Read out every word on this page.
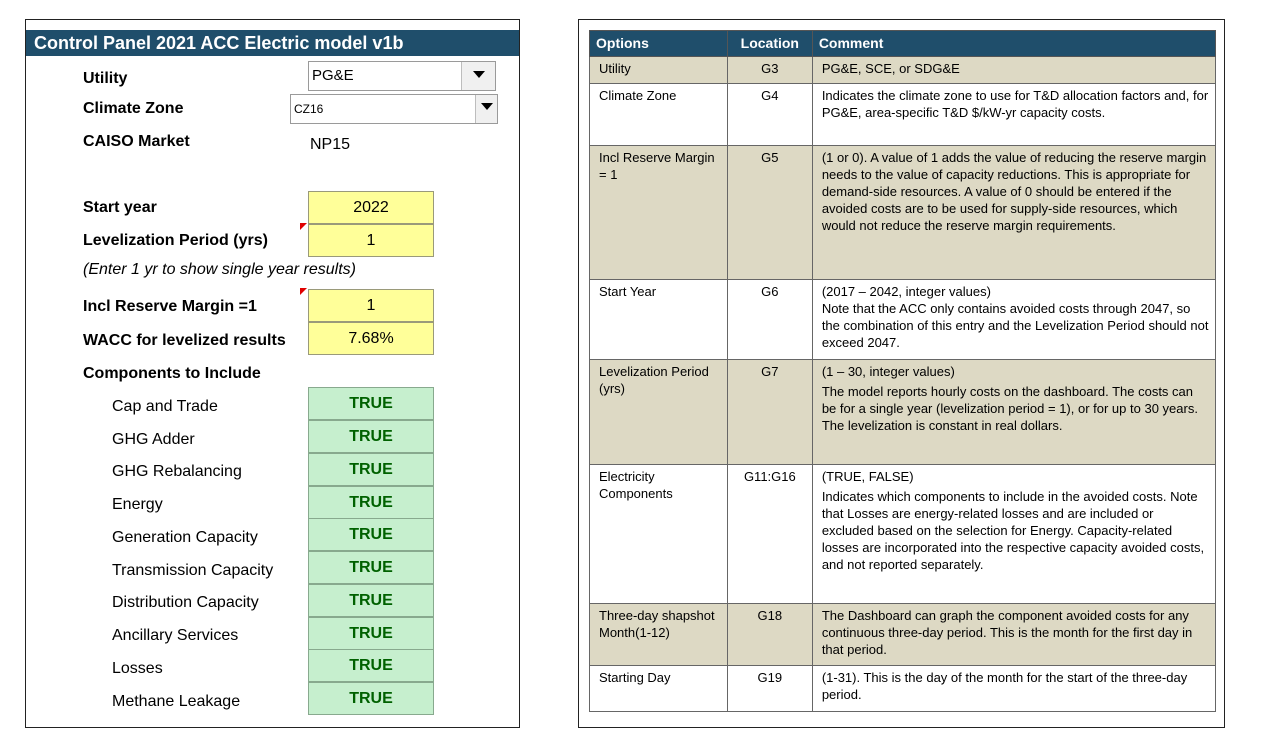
Control Panel 2021 ACC Electric model v1b
Utility	PG&E
Climate Zone	CZ16
CAISO Market	NP15
Start year	2022
Levelization Period (yrs)	1
(Enter 1 yr to show single year results)
Incl Reserve Margin =1	1
WACC for levelized results	7.68%
Components to Include
Cap and Trade	TRUE
GHG Adder	TRUE
GHG Rebalancing	TRUE
Energy	TRUE
Generation Capacity	TRUE
Transmission Capacity	TRUE
Distribution Capacity	TRUE
Ancillary Services	TRUE
Losses	TRUE
Methane Leakage	TRUE
Options	Location	Comment
Utility	G3	PG&E, SCE, or SDG&E

Climate Zone	G4	Indicates the climate zone to use for T&D allocation factors and, for PG&E, area-specific T&D $/kW-yr capacity costs.

Incl Reserve Margin = 1	G5	(1 or 0). A value of 1 adds the value of reducing the reserve margin needs to the value of capacity reductions. This is appropriate for demand-side resources. A value of 0 should be entered if the avoided costs are to be used for supply-side resources, which would not reduce the reserve margin requirements.

Start Year	G6	(2017 – 2042, integer values)
Note that the ACC only contains avoided costs through 2047, so the combination of this entry and the Levelization Period should not exceed 2047.

Levelization Period (yrs)	G7	(1 – 30, integer values)
The model reports hourly costs on the dashboard. The costs can be for a single year (levelization period = 1), or for up to 30 years. The levelization is constant in real dollars.

Electricity Components	G11:G16	(TRUE, FALSE)
Indicates which components to include in the avoided costs. Note that Losses are energy-related losses and are included or excluded based on the selection for Energy. Capacity-related losses are incorporated into the respective capacity avoided costs, and not reported separately.

Three-day shapshot Month(1-12)	G18	The Dashboard can graph the component avoided costs for any continuous three-day period. This is the month for the first day in that period.

Starting Day	G19	(1-31). This is the day of the month for the start of the three-day period.
